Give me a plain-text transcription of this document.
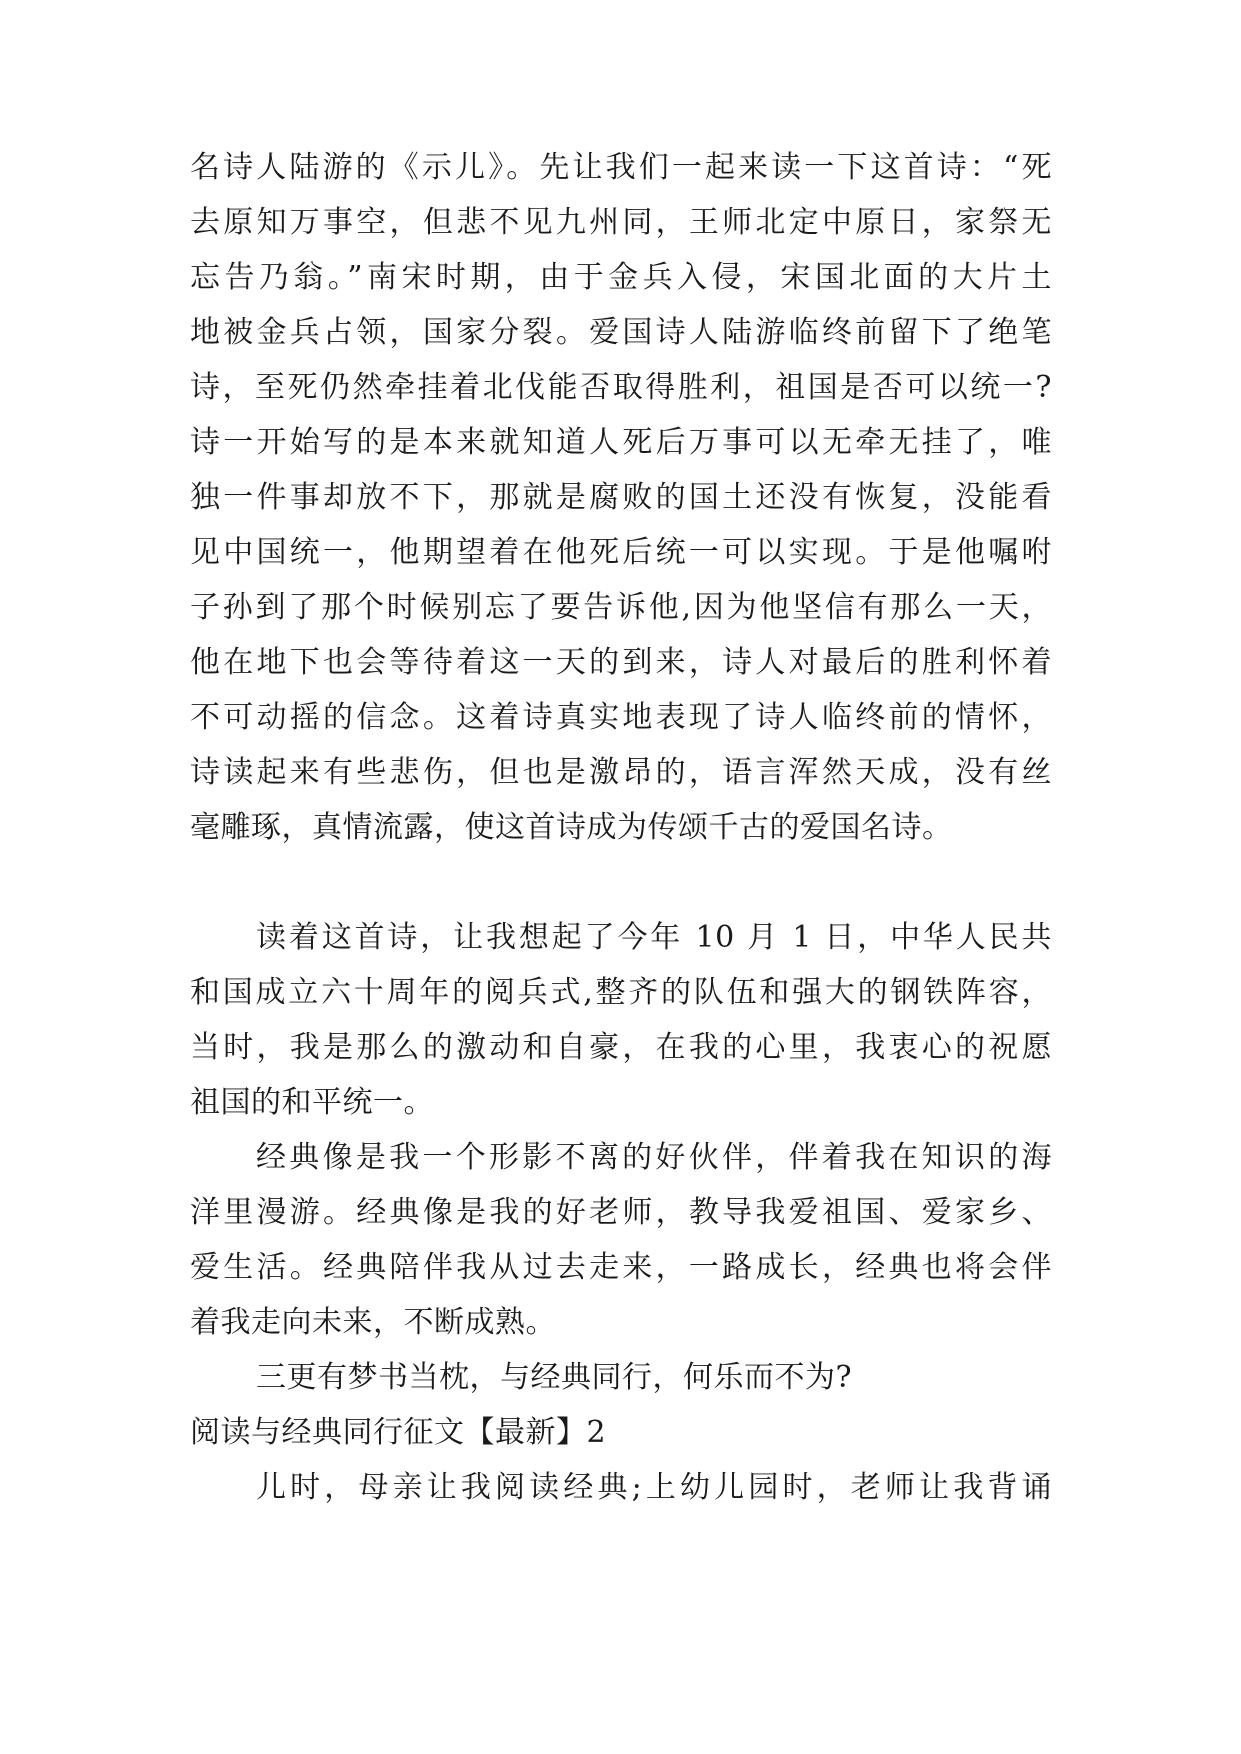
名诗人陆游的《示儿》。先让我们一起来读一下这首诗：“死
去原知万事空，但悲不见九州同，王师北定中原日，家祭无
忘告乃翁。”南宋时期，由于金兵入侵，宋国北面的大片土
地被金兵占领，国家分裂。爱国诗人陆游临终前留下了绝笔
诗，至死仍然牵挂着北伐能否取得胜利，祖国是否可以统一?
诗一开始写的是本来就知道人死后万事可以无牵无挂了，唯
独一件事却放不下，那就是腐败的国土还没有恢复，没能看
见中国统一，他期望着在他死后统一可以实现。于是他嘱咐
子孙到了那个时候别忘了要告诉他,因为他坚信有那么一天，
他在地下也会等待着这一天的到来，诗人对最后的胜利怀着
不可动摇的信念。这着诗真实地表现了诗人临终前的情怀，
诗读起来有些悲伤，但也是激昂的，语言浑然天成，没有丝
毫雕琢，真情流露，使这首诗成为传颂千古的爱国名诗。
读着这首诗，让我想起了今年 10 月 1 日，中华人民共
和国成立六十周年的阅兵式,整齐的队伍和强大的钢铁阵容，
当时，我是那么的激动和自豪，在我的心里，我衷心的祝愿
祖国的和平统一。
经典像是我一个形影不离的好伙伴，伴着我在知识的海
洋里漫游。经典像是我的好老师，教导我爱祖国、爱家乡、
爱生活。经典陪伴我从过去走来，一路成长，经典也将会伴
着我走向未来，不断成熟。
三更有梦书当枕，与经典同行，何乐而不为?
阅读与经典同行征文【最新】2
儿时，母亲让我阅读经典;上幼儿园时，老师让我背诵
